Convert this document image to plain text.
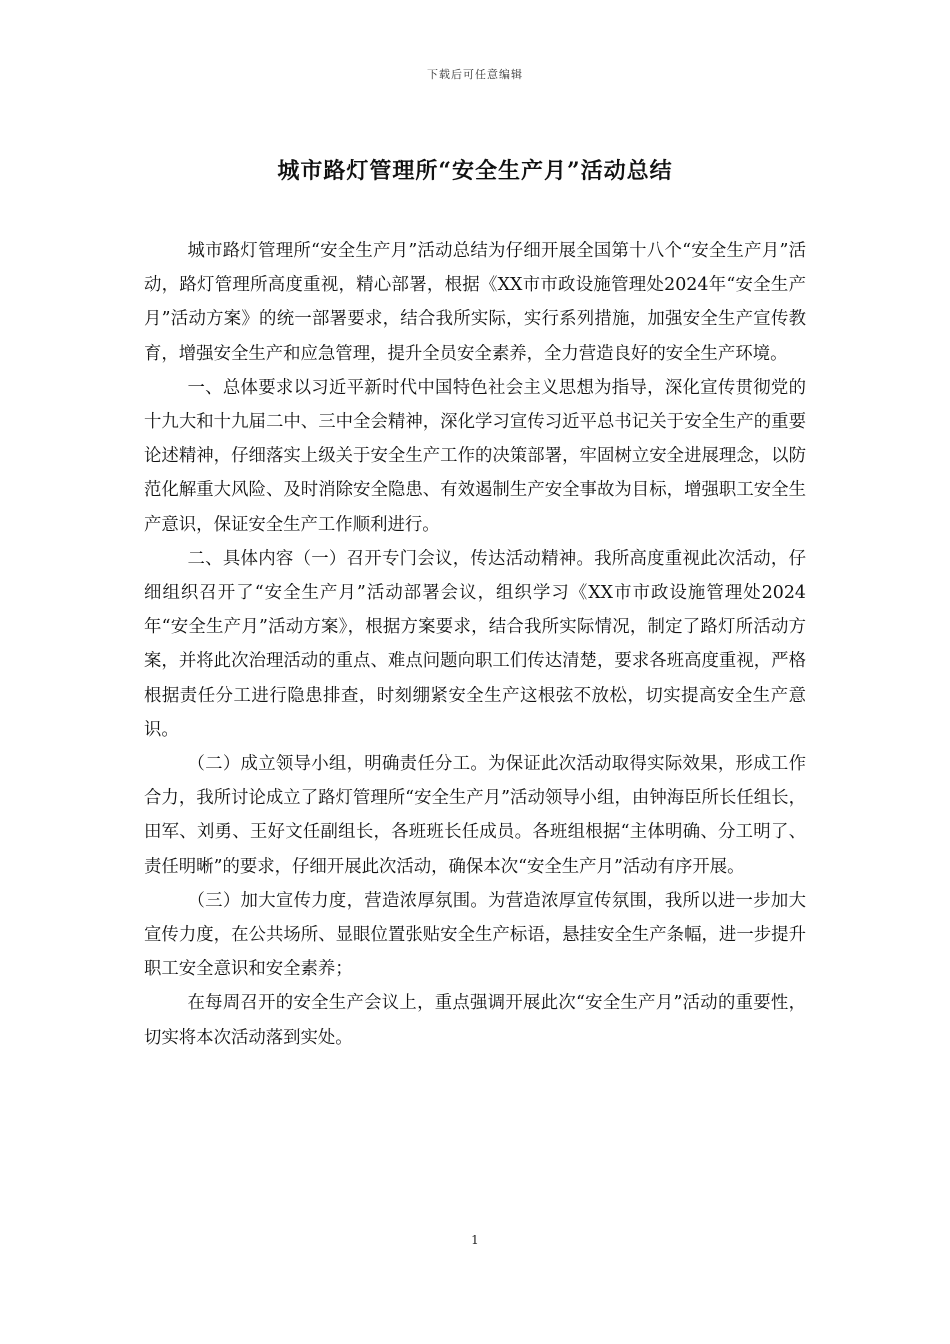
下载后可任意编辑
城市路灯管理所“安全生产月”活动总结

城市路灯管理所“安全生产月”活动总结为仔细开展全国第十八个“安全生产月”活动，路灯管理所高度重视，精心部署，根据《XX市市政设施管理处2024年“安全生产月”活动方案》的统一部署要求，结合我所实际，实行系列措施，加强安全生产宣传教育，增强安全生产和应急管理，提升全员安全素养，全力营造良好的安全生产环境。

一、总体要求以习近平新时代中国特色社会主义思想为指导，深化宣传贯彻党的十九大和十九届二中、三中全会精神，深化学习宣传习近平总书记关于安全生产的重要论述精神，仔细落实上级关于安全生产工作的决策部署，牢固树立安全进展理念，以防范化解重大风险、及时消除安全隐患、有效遏制生产安全事故为目标，增强职工安全生产意识，保证安全生产工作顺利进行。

二、具体内容（一）召开专门会议，传达活动精神。我所高度重视此次活动，仔细组织召开了“安全生产月”活动部署会议，组织学习《XX市市政设施管理处2024年“安全生产月”活动方案》，根据方案要求，结合我所实际情况，制定了路灯所活动方案，并将此次治理活动的重点、难点问题向职工们传达清楚，要求各班高度重视，严格根据责任分工进行隐患排查，时刻绷紧安全生产这根弦不放松，切实提高安全生产意识。

（二）成立领导小组，明确责任分工。为保证此次活动取得实际效果，形成工作合力，我所讨论成立了路灯管理所“安全生产月”活动领导小组，由钟海臣所长任组长，田军、刘勇、王好文任副组长，各班班长任成员。各班组根据“主体明确、分工明了、责任明晰”的要求，仔细开展此次活动，确保本次“安全生产月”活动有序开展。

（三）加大宣传力度，营造浓厚氛围。为营造浓厚宣传氛围，我所以进一步加大宣传力度，在公共场所、显眼位置张贴安全生产标语，悬挂安全生产条幅，进一步提升职工安全意识和安全素养；

在每周召开的安全生产会议上，重点强调开展此次“安全生产月”活动的重要性，切实将本次活动落到实处。

1
